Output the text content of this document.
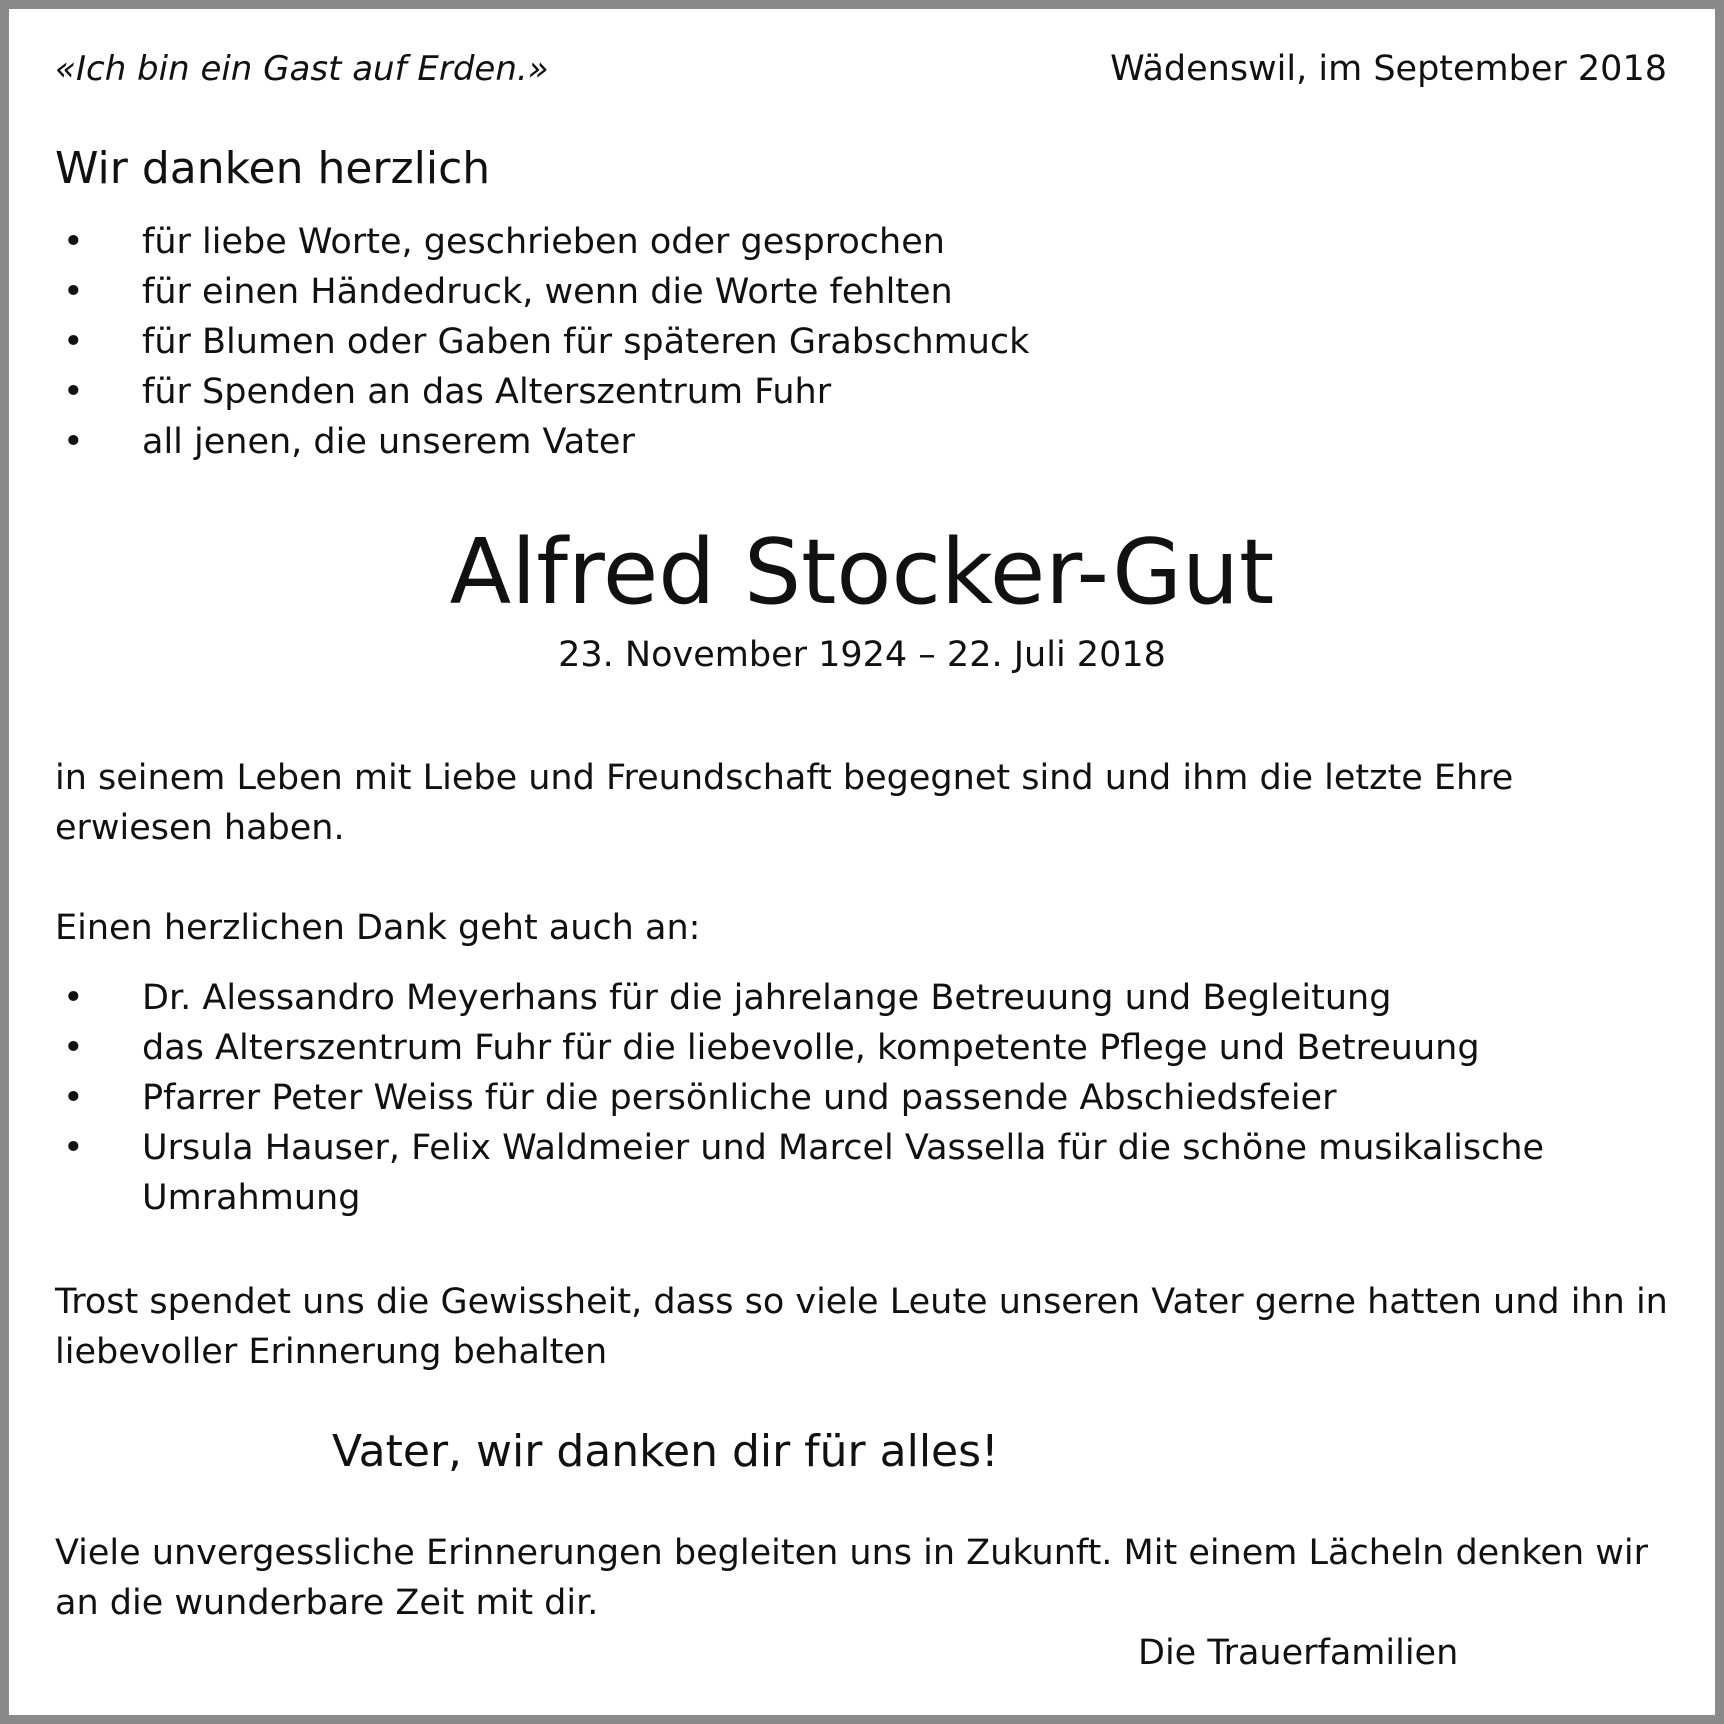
«Ich bin ein Gast auf Erden.»	Wädenswil, im September 2018
Wir danken herzlich
• für liebe Worte, geschrieben oder gesprochen
• für einen Händedruck, wenn die Worte fehlten
• für Blumen oder Gaben für späteren Grabschmuck
• für Spenden an das Alterszentrum Fuhr
• all jenen, die unserem Vater
Alfred Stocker-Gut
23. November 1924 – 22. Juli 2018

in seinem Leben mit Liebe und Freundschaft begegnet sind und ihm die letzte Ehre erwiesen haben.

Einen herzlichen Dank geht auch an:
• Dr. Alessandro Meyerhans für die jahrelange Betreuung und Begleitung
• das Alterszentrum Fuhr für die liebevolle, kompetente Pflege und Betreuung
• Pfarrer Peter Weiss für die persönliche und passende Abschiedsfeier
• Ursula Hauser, Felix Waldmeier und Marcel Vassella für die schöne musikalische Umrahmung

Trost spendet uns die Gewissheit, dass so viele Leute unseren Vater gerne hatten und ihn in liebevoller Erinnerung behalten

Vater, wir danken dir für alles!

Viele unvergessliche Erinnerungen begleiten uns in Zukunft. Mit einem Lächeln denken wir an die wunderbare Zeit mit dir.

Die Trauerfamilien
